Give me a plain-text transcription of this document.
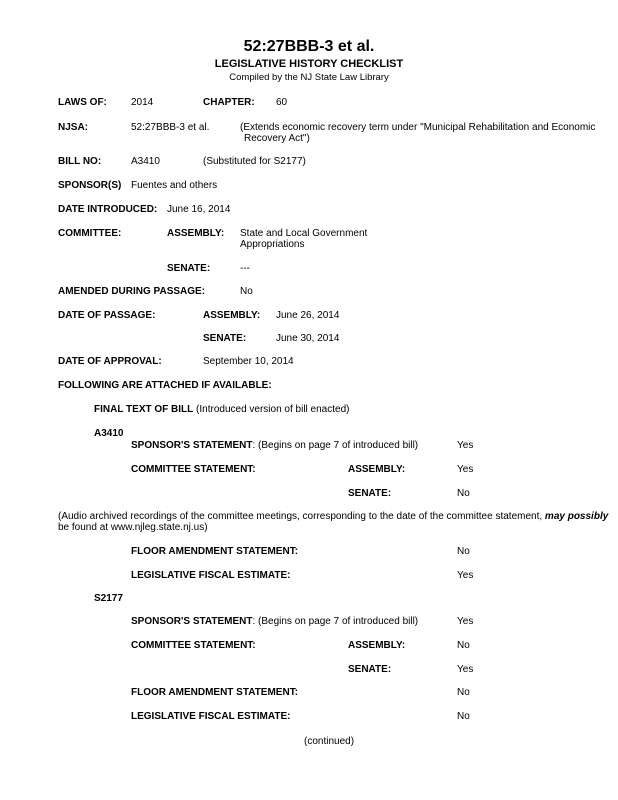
52:27BBB-3 et al.
LEGISLATIVE HISTORY CHECKLIST
Compiled by the NJ State Law Library
LAWS OF: 2014	CHAPTER: 60
NJSA:	52:27BBB-3 et al.	(Extends economic recovery term under "Municipal Rehabilitation and Economic
Recovery Act")
BILL NO:	A3410	(Substituted for S2177)
SPONSOR(S) Fuentes and others
DATE INTRODUCED: June 16, 2014
COMMITTEE:	ASSEMBLY: State and Local Government
Appropriations
SENATE:	---
AMENDED DURING PASSAGE:	No
DATE OF PASSAGE:	ASSEMBLY: June 26, 2014
SENATE:	June 30, 2014
DATE OF APPROVAL:	September 10, 2014
FOLLOWING ARE ATTACHED IF AVAILABLE:
FINAL TEXT OF BILL (Introduced version of bill enacted)
A3410
SPONSOR'S STATEMENT: (Begins on page 7 of introduced bill)	Yes
COMMITTEE STATEMENT:	ASSEMBLY:	Yes
SENATE:	No
(Audio archived recordings of the committee meetings, corresponding to the date of the committee statement, may possibly
be found at www.njleg.state.nj.us)
FLOOR AMENDMENT STATEMENT:	No
LEGISLATIVE FISCAL ESTIMATE:	Yes
S2177
SPONSOR'S STATEMENT: (Begins on page 7 of introduced bill)	Yes
COMMITTEE STATEMENT:	ASSEMBLY:	No
SENATE:	Yes
FLOOR AMENDMENT STATEMENT:	No
LEGISLATIVE FISCAL ESTIMATE:	No
(continued)
